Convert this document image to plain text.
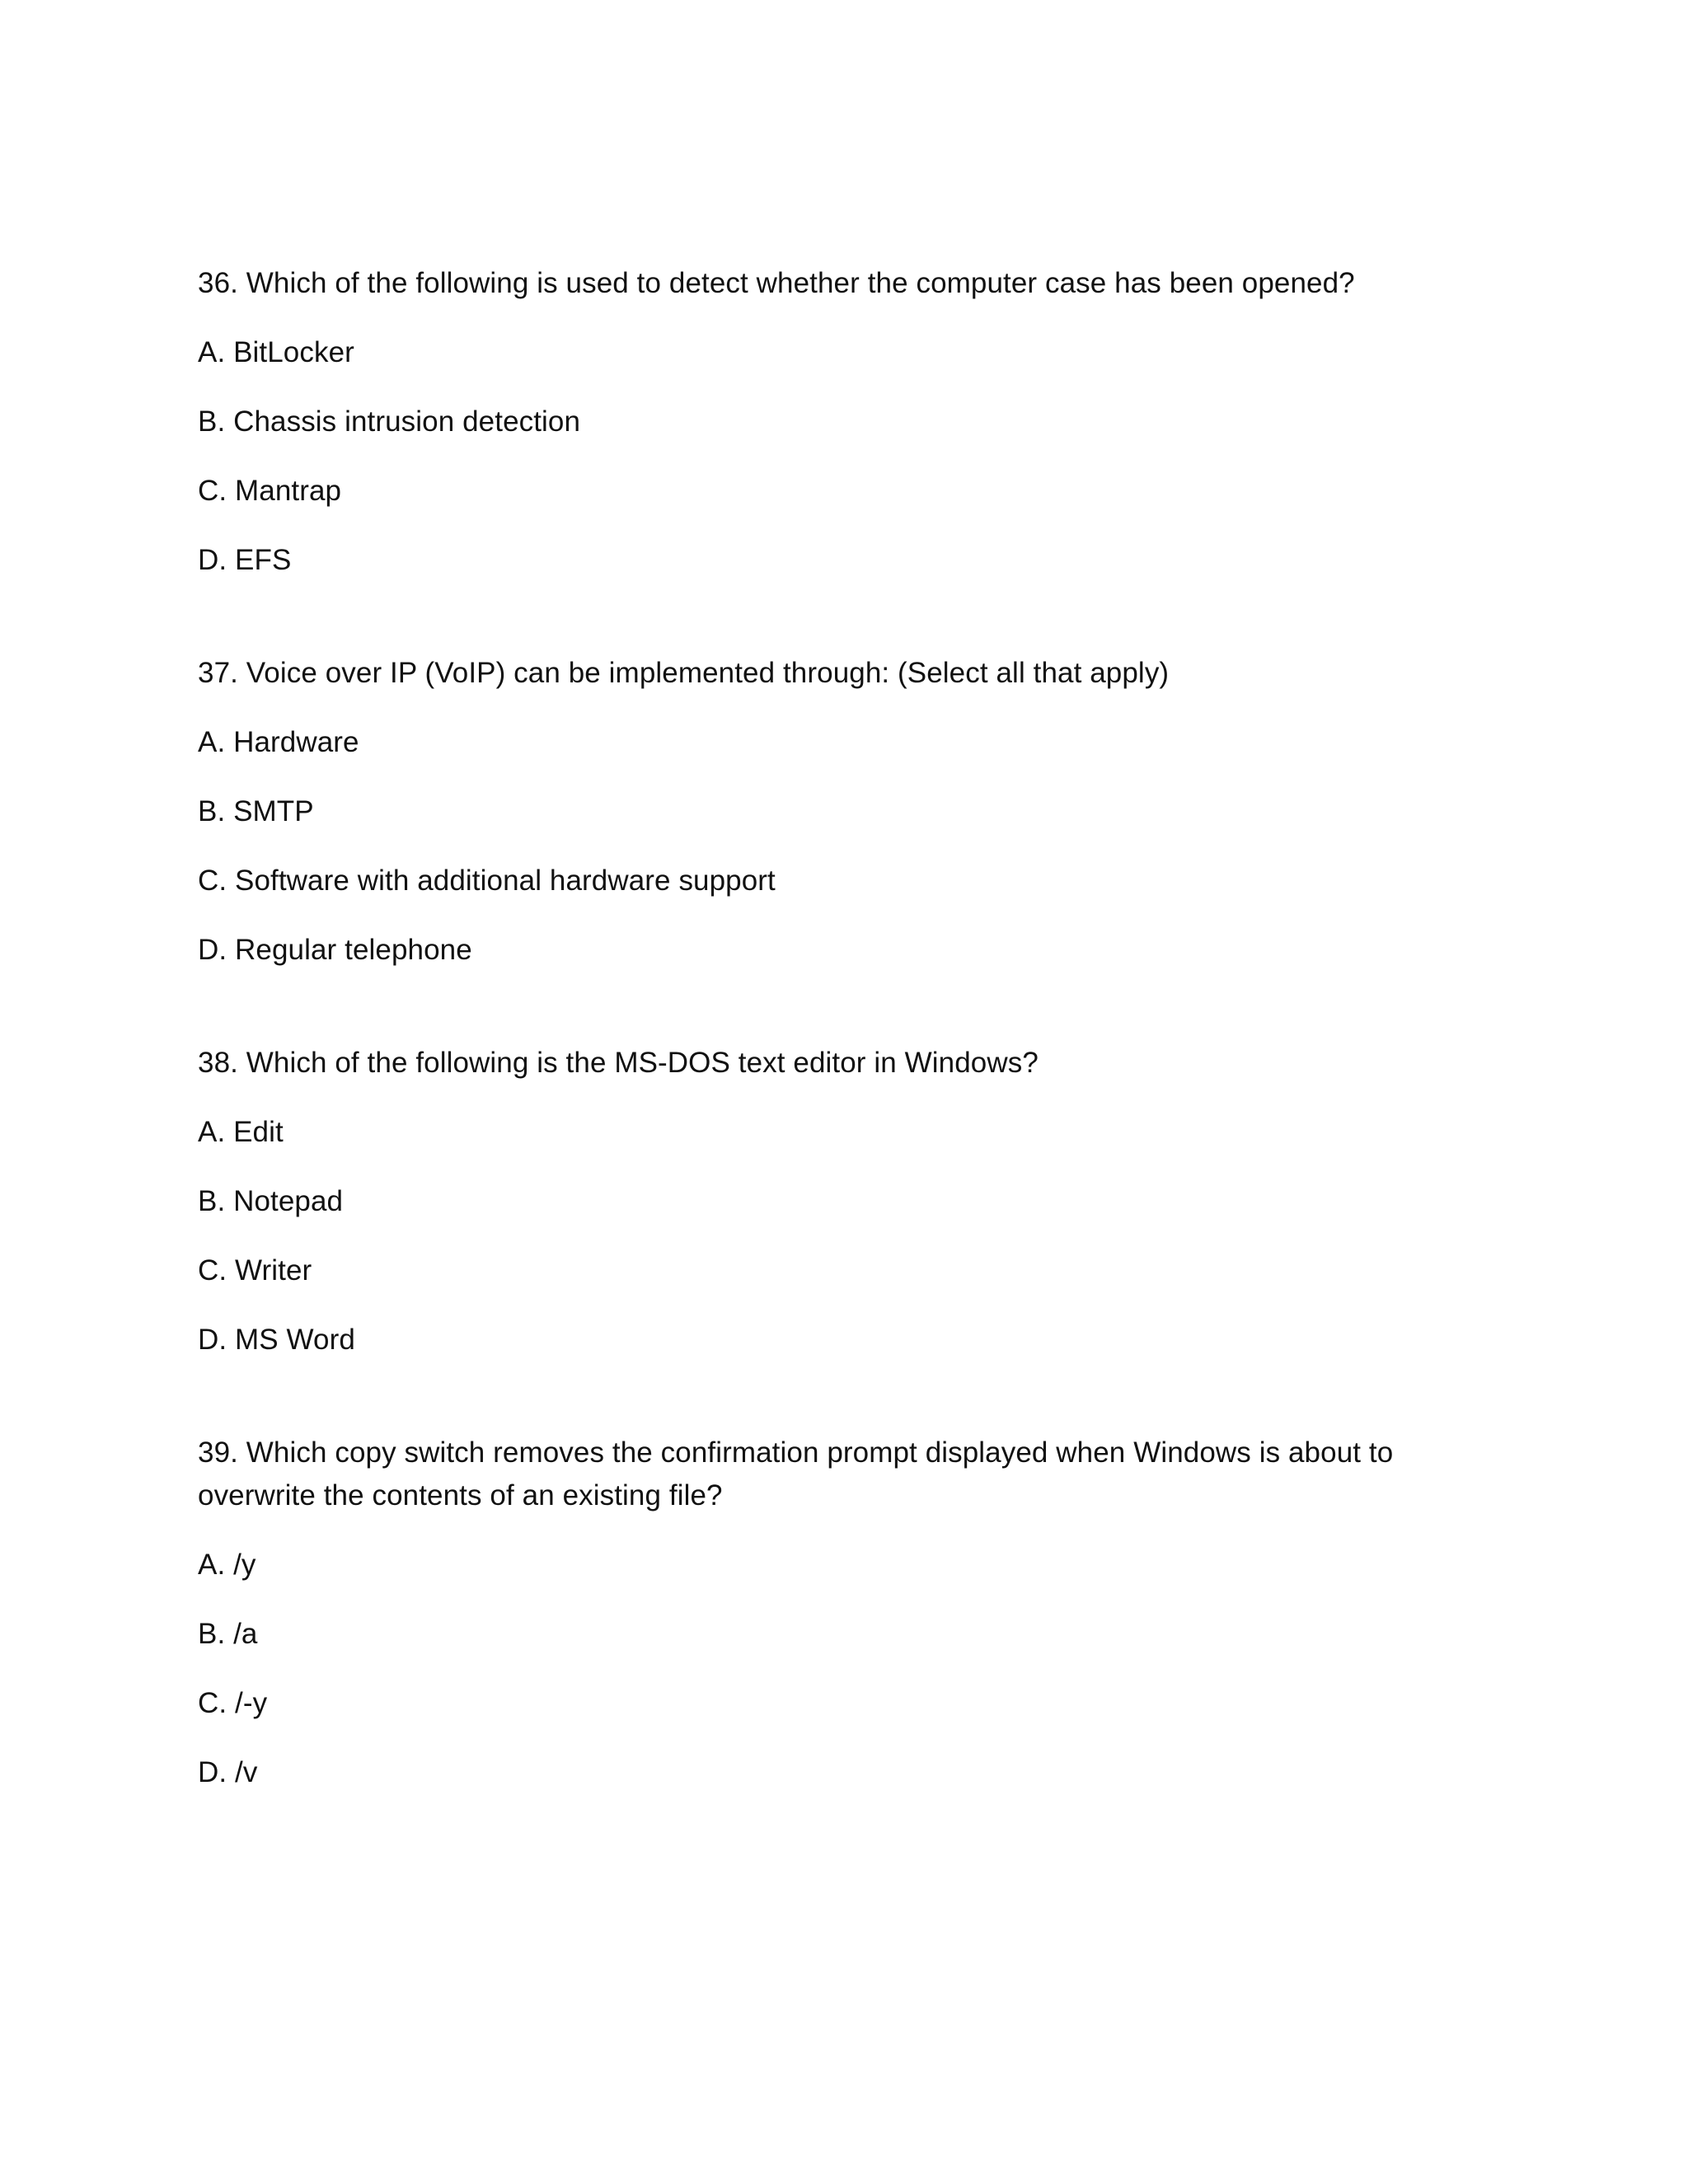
36. Which of the following is used to detect whether the computer case has been opened?
A. BitLocker
B. Chassis intrusion detection
C. Mantrap
D. EFS
37. Voice over IP (VoIP) can be implemented through: (Select all that apply)
A. Hardware
B. SMTP
C. Software with additional hardware support
D. Regular telephone
38. Which of the following is the MS-DOS text editor in Windows?
A. Edit
B. Notepad
C. Writer
D. MS Word
39. Which copy switch removes the confirmation prompt displayed when Windows is about to overwrite the contents of an existing file?
A. /y
B. /a
C. /-y
D. /v
